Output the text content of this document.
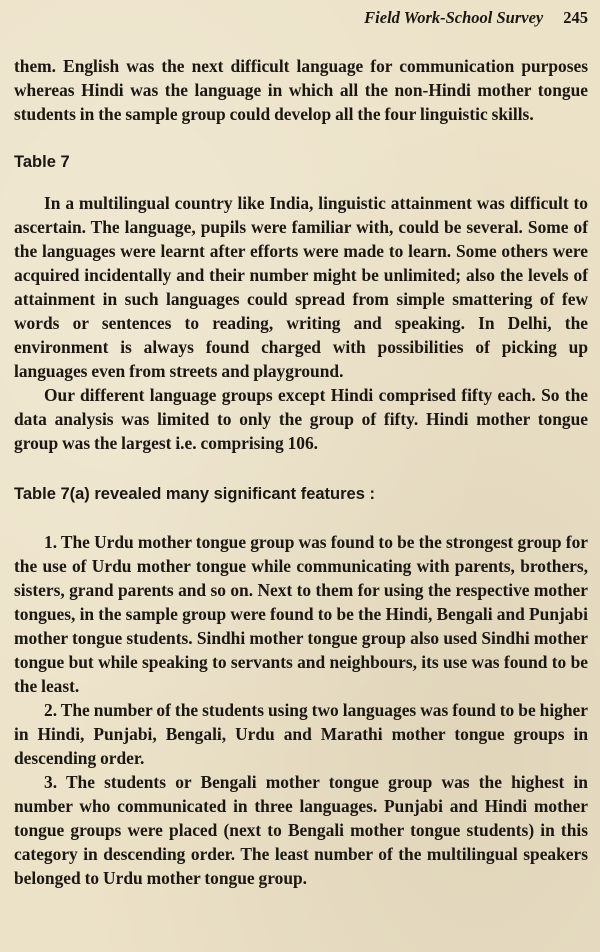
Field Work-School Survey 245

them. English was the next difficult language for communication purposes whereas Hindi was the language in which all the non-Hindi mother tongue students in the sample group could develop all the four linguistic skills.

Table 7

In a multilingual country like India, linguistic attainment was difficult to ascertain. The language, pupils were familiar with, could be several. Some of the languages were learnt after efforts were made to learn. Some others were acquired incidentally and their number might be unlimited; also the levels of attainment in such languages could spread from simple smattering of few words or sentences to reading, writing and speaking. In Delhi, the environment is always found charged with possibilities of picking up languages even from streets and playground.

Our different language groups except Hindi comprised fifty each. So the data analysis was limited to only the group of fifty. Hindi mother tongue group was the largest i.e. comprising 106.

Table 7(a) revealed many significant features :

1. The Urdu mother tongue group was found to be the strongest group for the use of Urdu mother tongue while communicating with parents, brothers, sisters, grand parents and so on. Next to them for using the respective mother tongues, in the sample group were found to be the Hindi, Bengali and Punjabi mother tongue students. Sindhi mother tongue group also used Sindhi mother tongue but while speaking to servants and neighbours, its use was found to be the least.

2. The number of the students using two languages was found to be higher in Hindi, Punjabi, Bengali, Urdu and Marathi mother tongue groups in descending order.

3. The students or Bengali mother tongue group was the highest in number who communicated in three languages. Punjabi and Hindi mother tongue groups were placed (next to Bengali mother tongue students) in this category in descending order. The least number of the multilingual speakers belonged to Urdu mother tongue group.
